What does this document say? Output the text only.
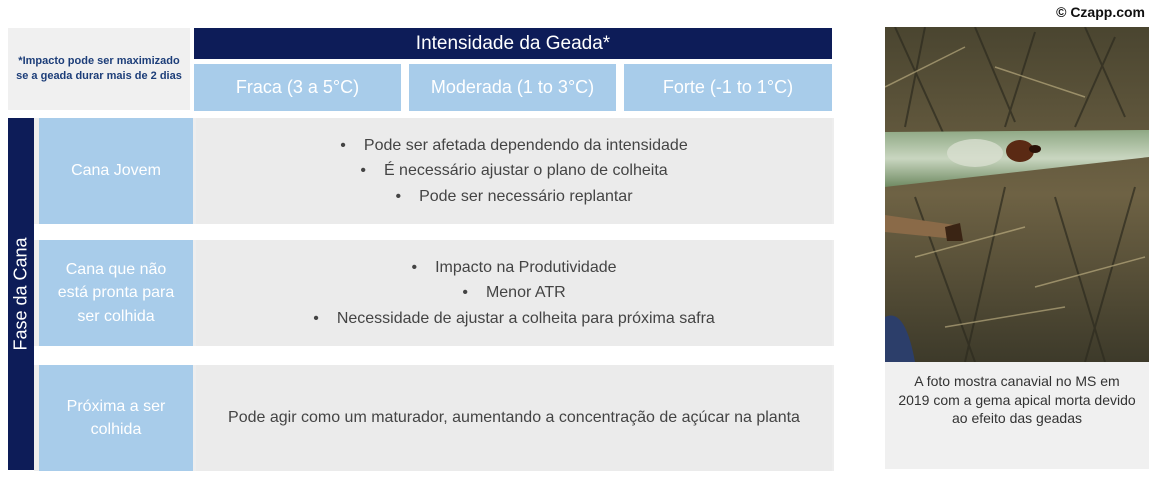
© Czapp.com
*Impacto pode ser maximizado se a geada durar mais de 2 dias
Intensidade da Geada*
Fraca (3 a 5°C)	Moderada (1 to 3°C)	Forte (-1 to 1°C)
Fase da Cana
Cana Jovem
Cana que não está pronta para ser colhida
Próxima a ser colhida
• Pode ser afetada dependendo da intensidade
• É necessário ajustar o plano de colheita
• Pode ser necessário replantar
• Impacto na Produtividade
• Menor ATR
• Necessidade de ajustar a colheita para próxima safra
Pode agir como um maturador, aumentando a concentração de açúcar na planta
A foto mostra canavial no MS em 2019 com a gema apical morta devido ao efeito das geadas
